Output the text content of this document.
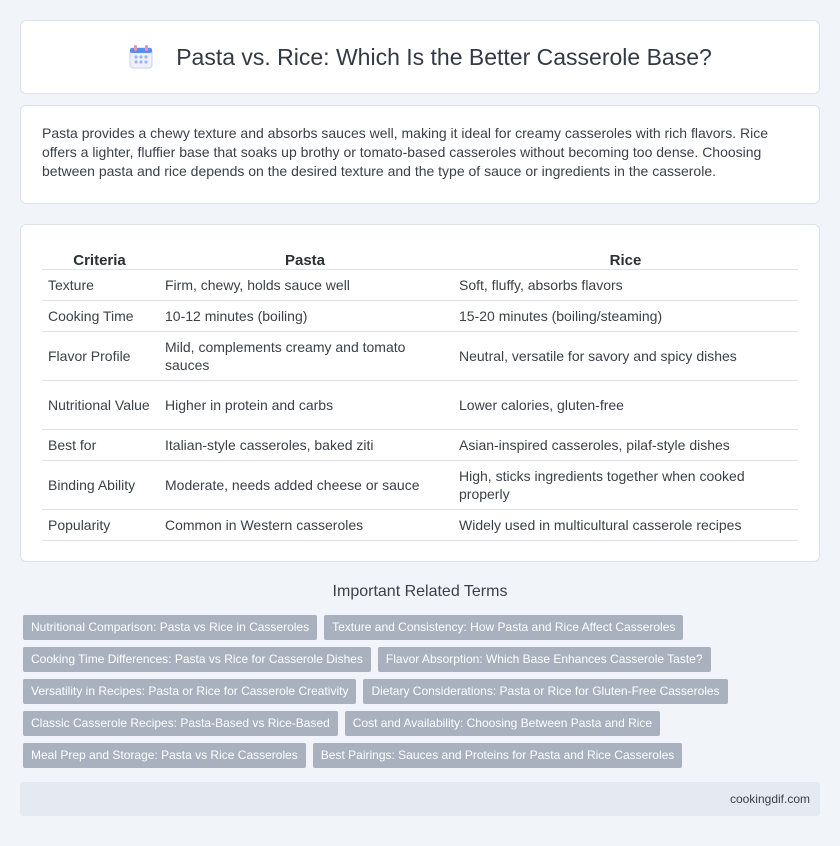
Pasta vs. Rice: Which Is the Better Casserole Base?

Pasta provides a chewy texture and absorbs sauces well, making it ideal for creamy casseroles with rich flavors. Rice offers a lighter, fluffier base that soaks up brothy or tomato-based casseroles without becoming too dense. Choosing between pasta and rice depends on the desired texture and the type of sauce or ingredients in the casserole.

Criteria	Pasta	Rice
Texture	Firm, chewy, holds sauce well	Soft, fluffy, absorbs flavors
Cooking Time	10-12 minutes (boiling)	15-20 minutes (boiling/steaming)
Flavor Profile	Mild, complements creamy and tomato sauces	Neutral, versatile for savory and spicy dishes
Nutritional Value	Higher in protein and carbs	Lower calories, gluten-free
Best for	Italian-style casseroles, baked ziti	Asian-inspired casseroles, pilaf-style dishes
Binding Ability	Moderate, needs added cheese or sauce	High, sticks ingredients together when cooked properly
Popularity	Common in Western casseroles	Widely used in multicultural casserole recipes
Important Related Terms
Nutritional Comparison: Pasta vs Rice in Casseroles	Texture and Consistency: How Pasta and Rice Affect Casseroles
Cooking Time Differences: Pasta vs Rice for Casserole Dishes	Flavor Absorption: Which Base Enhances Casserole Taste?
Versatility in Recipes: Pasta or Rice for Casserole Creativity	Dietary Considerations: Pasta or Rice for Gluten-Free Casseroles
Classic Casserole Recipes: Pasta-Based vs Rice-Based	Cost and Availability: Choosing Between Pasta and Rice
Meal Prep and Storage: Pasta vs Rice Casseroles	Best Pairings: Sauces and Proteins for Pasta and Rice Casseroles
cookingdif.com
